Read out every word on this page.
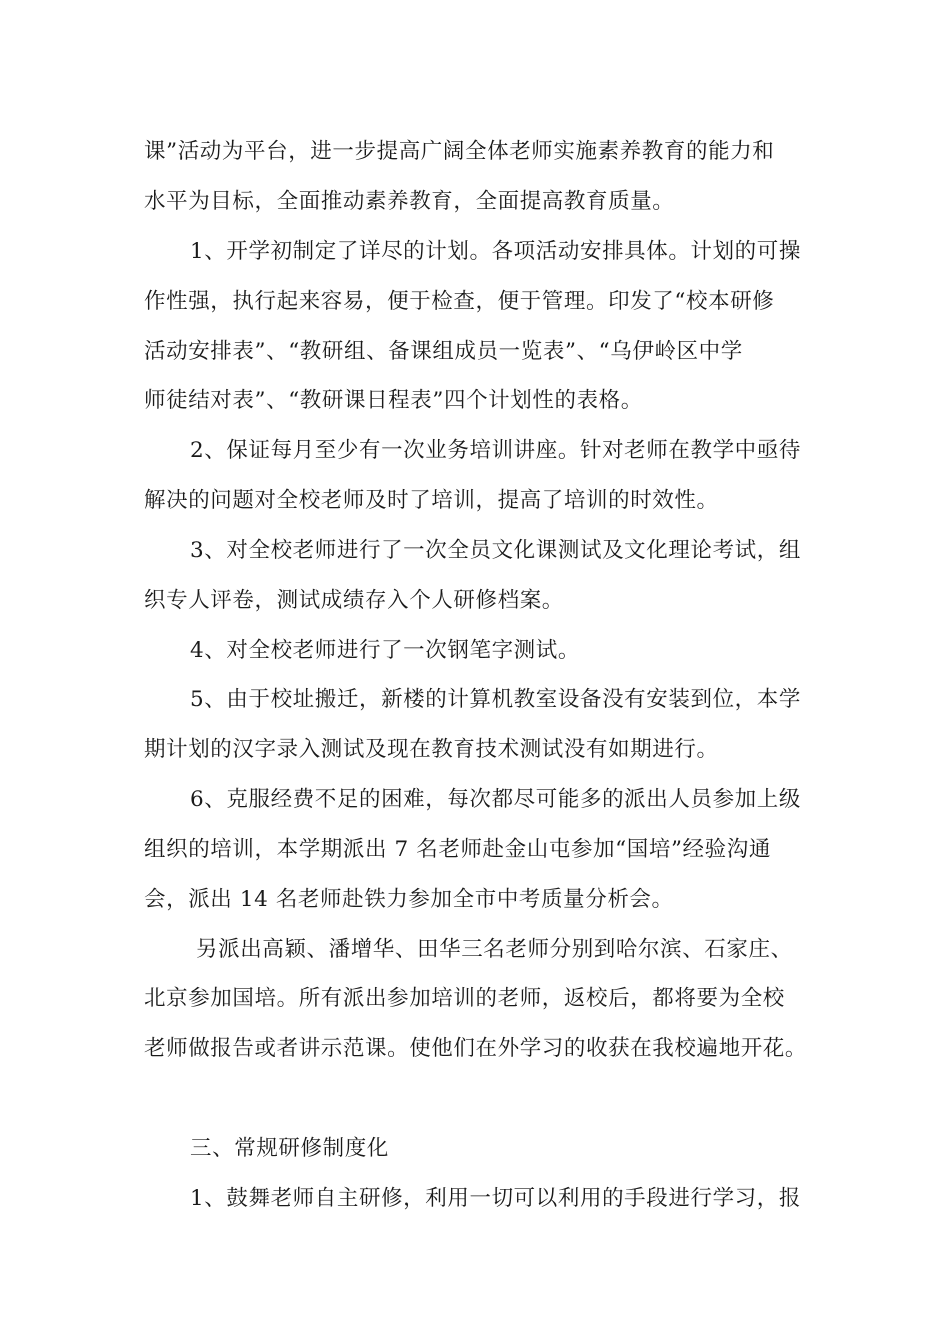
课”活动为平台，进一步提高广阔全体老师实施素养教育的能力和
水平为目标，全面推动素养教育，全面提高教育质量。
1、开学初制定了详尽的计划。各项活动安排具体。计划的可操
作性强，执行起来容易，便于检查，便于管理。印发了“校本研修
活动安排表”、“教研组、备课组成员一览表”、“乌伊岭区中学
师徒结对表”、“教研课日程表”四个计划性的表格。
2、保证每月至少有一次业务培训讲座。针对老师在教学中亟待
解决的问题对全校老师及时了培训，提高了培训的时效性。
3、对全校老师进行了一次全员文化课测试及文化理论考试，组
织专人评卷，测试成绩存入个人研修档案。
4、对全校老师进行了一次钢笔字测试。
5、由于校址搬迁，新楼的计算机教室设备没有安装到位，本学
期计划的汉字录入测试及现在教育技术测试没有如期进行。
6、克服经费不足的困难，每次都尽可能多的派出人员参加上级
组织的培训，本学期派出 7 名老师赴金山屯参加“国培”经验沟通
会，派出 14 名老师赴铁力参加全市中考质量分析会。
另派出高颖、潘增华、田华三名老师分别到哈尔滨、石家庄、
北京参加国培。所有派出参加培训的老师，返校后，都将要为全校
老师做报告或者讲示范课。使他们在外学习的收获在我校遍地开花。
三、常规研修制度化
1、鼓舞老师自主研修，利用一切可以利用的手段进行学习，报
